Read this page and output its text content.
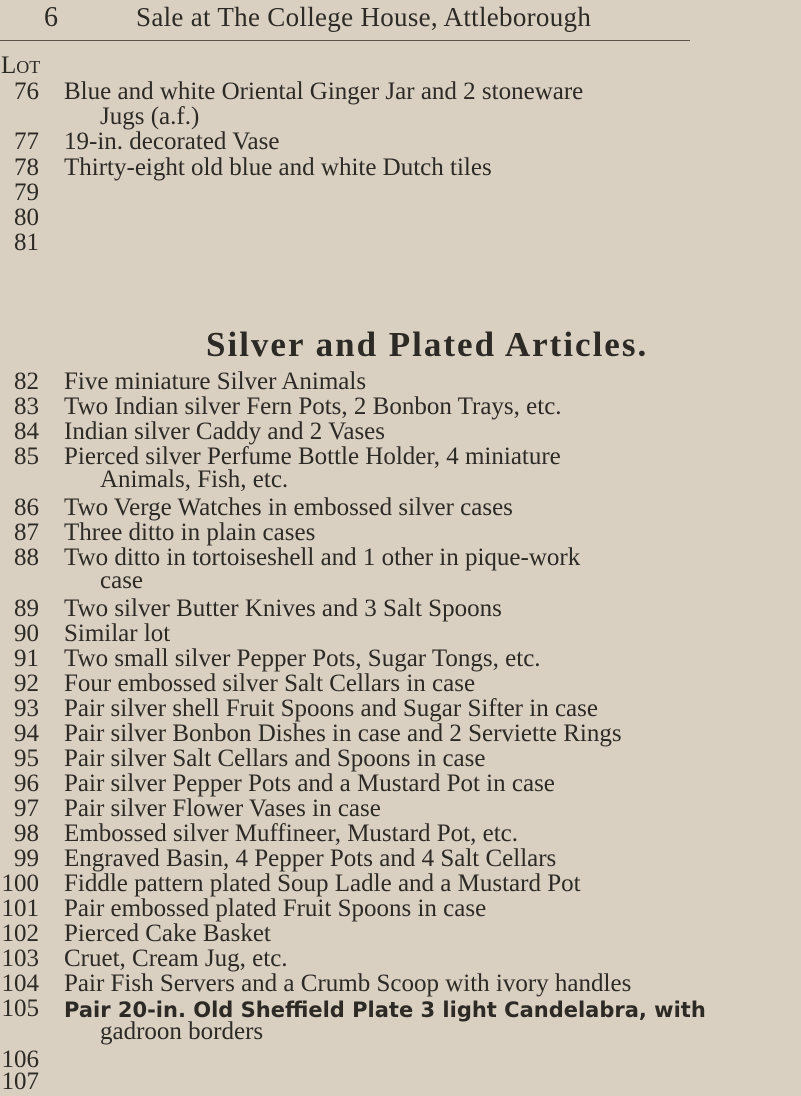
6	Sale at The College House, Attleborough
Lot
76 Blue and white Oriental Ginger Jar and 2 stoneware
Jugs (a.f.)
77 19-in. decorated Vase
78 Thirty-eight old blue and white Dutch tiles
79
80
81
Silver and Plated Articles.
82 Five miniature Silver Animals
83 Two Indian silver Fern Pots, 2 Bonbon Trays, etc.
84 Indian silver Caddy and 2 Vases
85 Pierced silver Perfume Bottle Holder, 4 miniature
Animals, Fish, etc.
86 Two Verge Watches in embossed silver cases
87 Three ditto in plain cases
88 Two ditto in tortoiseshell and 1 other in pique-work
case
89 Two silver Butter Knives and 3 Salt Spoons
90 Similar lot
91 Two small silver Pepper Pots, Sugar Tongs, etc.
92 Four embossed silver Salt Cellars in case
93 Pair silver shell Fruit Spoons and Sugar Sifter in case
94 Pair silver Bonbon Dishes in case and 2 Serviette Rings
95 Pair silver Salt Cellars and Spoons in case
96 Pair silver Pepper Pots and a Mustard Pot in case
97 Pair silver Flower Vases in case
98 Embossed silver Muffineer, Mustard Pot, etc.
99 Engraved Basin, 4 Pepper Pots and 4 Salt Cellars
100 Fiddle pattern plated Soup Ladle and a Mustard Pot
101 Pair embossed plated Fruit Spoons in case
102 Pierced Cake Basket
103 Cruet, Cream Jug, etc.
104 Pair Fish Servers and a Crumb Scoop with ivory handles
105 Pair 20-in. Old Sheffield Plate 3 light Candelabra, with
gadroon borders
106
107
